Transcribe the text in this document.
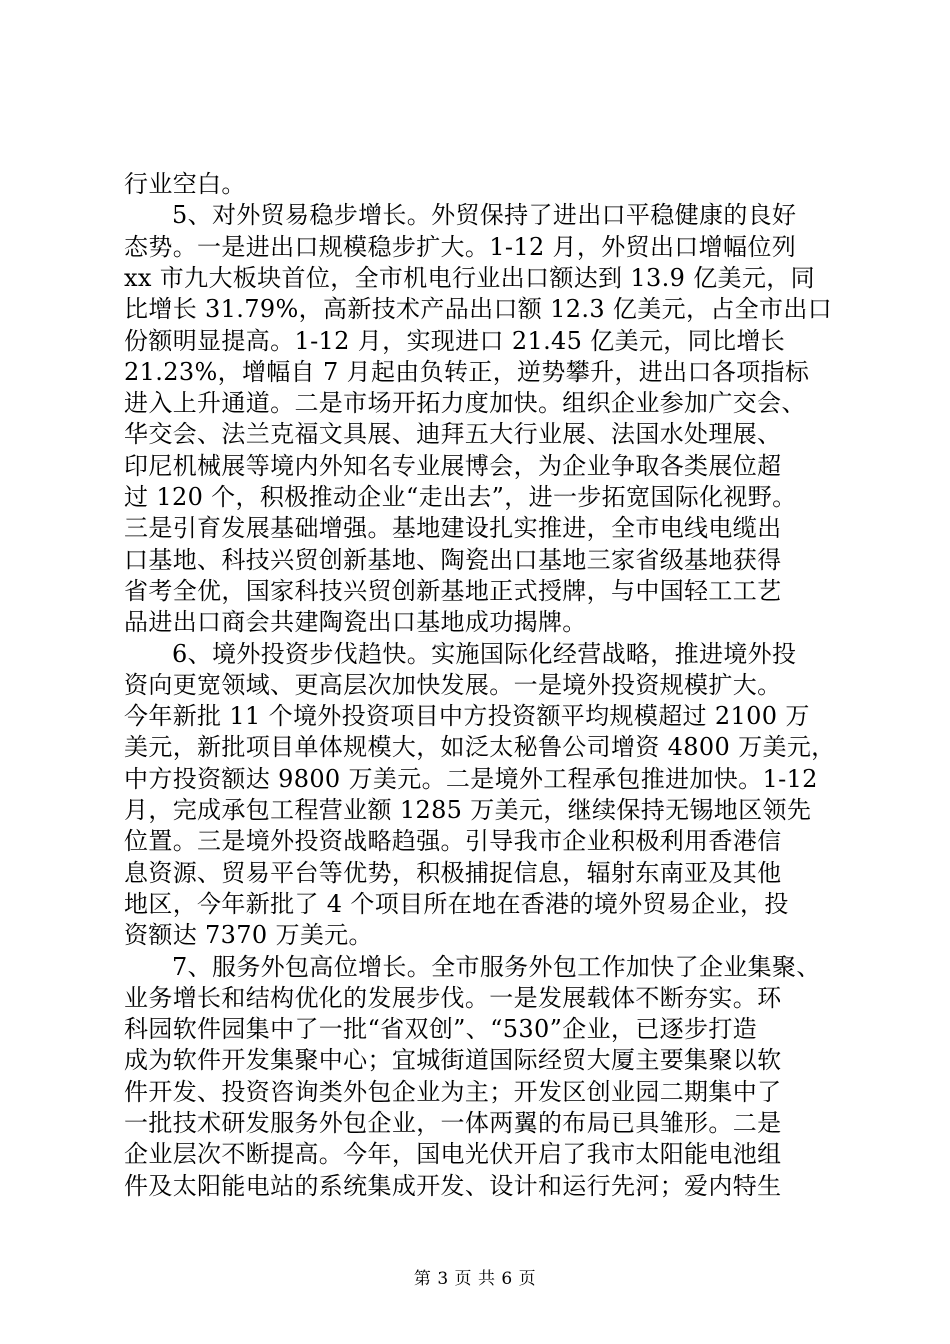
行业空白。
5、对外贸易稳步增长。外贸保持了进出口平稳健康的良好
态势。一是进出口规模稳步扩大。1-12 月，外贸出口增幅位列
xx 市九大板块首位，全市机电行业出口额达到 13.9 亿美元，同
比增长 31.79%，高新技术产品出口额 12.3 亿美元，占全市出口
份额明显提高。1-12 月，实现进口 21.45 亿美元，同比增长
21.23%，增幅自 7 月起由负转正，逆势攀升，进出口各项指标
进入上升通道。二是市场开拓力度加快。组织企业参加广交会、
华交会、法兰克福文具展、迪拜五大行业展、法国水处理展、
印尼机械展等境内外知名专业展博会，为企业争取各类展位超
过 120 个，积极推动企业“走出去”，进一步拓宽国际化视野。
三是引育发展基础增强。基地建设扎实推进，全市电线电缆出
口基地、科技兴贸创新基地、陶瓷出口基地三家省级基地获得
省考全优，国家科技兴贸创新基地正式授牌，与中国轻工工艺
品进出口商会共建陶瓷出口基地成功揭牌。
6、境外投资步伐趋快。实施国际化经营战略，推进境外投
资向更宽领域、更高层次加快发展。一是境外投资规模扩大。
今年新批 11 个境外投资项目中方投资额平均规模超过 2100 万
美元，新批项目单体规模大，如泛太秘鲁公司增资 4800 万美元，
中方投资额达 9800 万美元。二是境外工程承包推进加快。1-12
月，完成承包工程营业额 1285 万美元，继续保持无锡地区领先
位置。三是境外投资战略趋强。引导我市企业积极利用香港信
息资源、贸易平台等优势，积极捕捉信息，辐射东南亚及其他
地区，今年新批了 4 个项目所在地在香港的境外贸易企业，投
资额达 7370 万美元。
7、服务外包高位增长。全市服务外包工作加快了企业集聚、
业务增长和结构优化的发展步伐。一是发展载体不断夯实。环
科园软件园集中了一批“省双创”、“530”企业，已逐步打造
成为软件开发集聚中心；宜城街道国际经贸大厦主要集聚以软
件开发、投资咨询类外包企业为主；开发区创业园二期集中了
一批技术研发服务外包企业，一体两翼的布局已具雏形。二是
企业层次不断提高。今年，国电光伏开启了我市太阳能电池组
件及太阳能电站的系统集成开发、设计和运行先河；爱内特生
第 3 页 共 6 页
